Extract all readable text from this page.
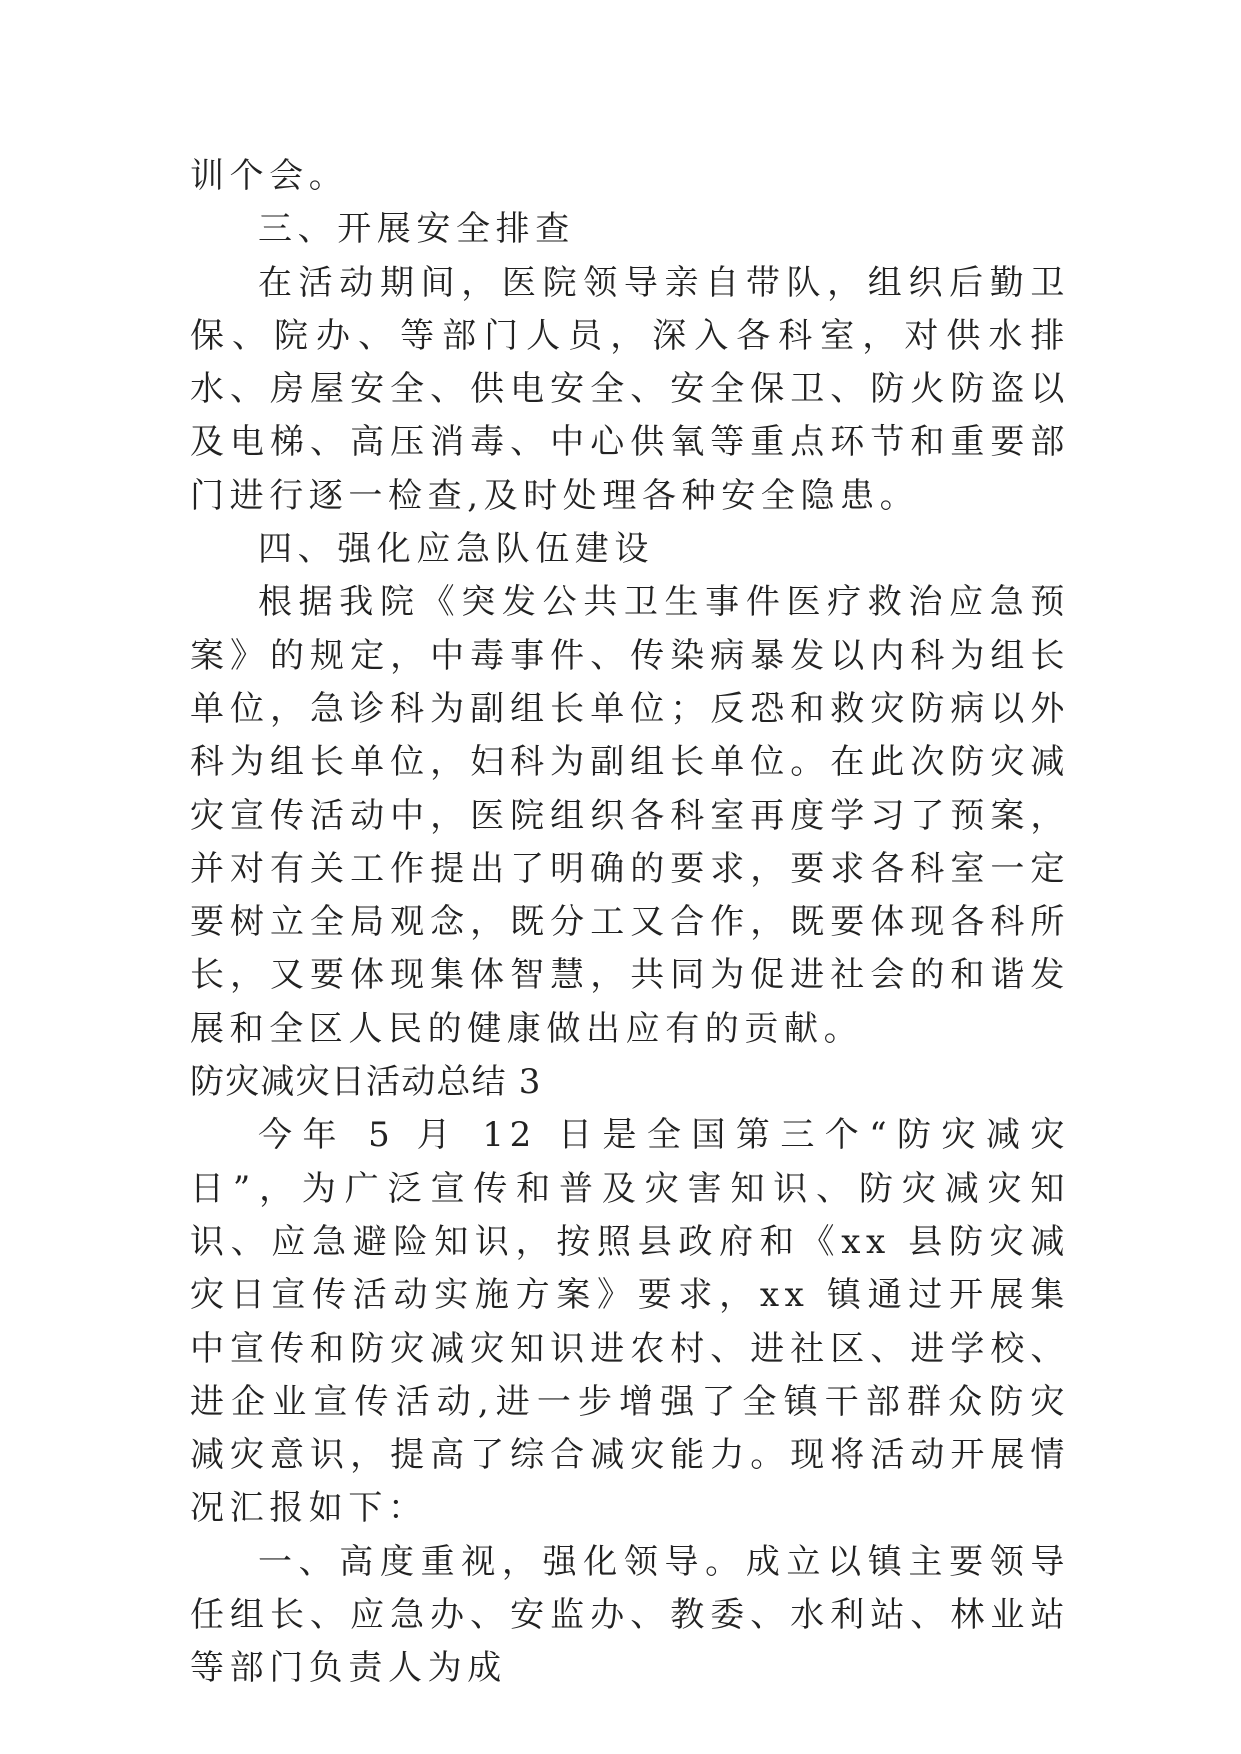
训个会。

三、开展安全排查

在活动期间，医院领导亲自带队，组织后勤卫保、院办、等部门人员，深入各科室，对供水排水、房屋安全、供电安全、安全保卫、防火防盗以及电梯、高压消毒、中心供氧等重点环节和重要部门进行逐一检查,及时处理各种安全隐患。

四、强化应急队伍建设

根据我院《突发公共卫生事件医疗救治应急预案》的规定，中毒事件、传染病暴发以内科为组长单位，急诊科为副组长单位；反恐和救灾防病以外科为组长单位，妇科为副组长单位。在此次防灾减灾宣传活动中，医院组织各科室再度学习了预案，并对有关工作提出了明确的要求，要求各科室一定要树立全局观念，既分工又合作，既要体现各科所长，又要体现集体智慧，共同为促进社会的和谐发展和全区人民的健康做出应有的贡献。

防灾减灾日活动总结 3

今年 5 月 12 日是全国第三个“防灾减灾日”，为广泛宣传和普及灾害知识、防灾减灾知识、应急避险知识，按照县政府和《xx 县防灾减灾日宣传活动实施方案》要求，xx 镇通过开展集中宣传和防灾减灾知识进农村、进社区、进学校、进企业宣传活动,进一步增强了全镇干部群众防灾减灾意识，提高了综合减灾能力。现将活动开展情况汇报如下：

一、高度重视，强化领导。成立以镇主要领导任组长、应急办、安监办、教委、水利站、林业站等部门负责人为成
